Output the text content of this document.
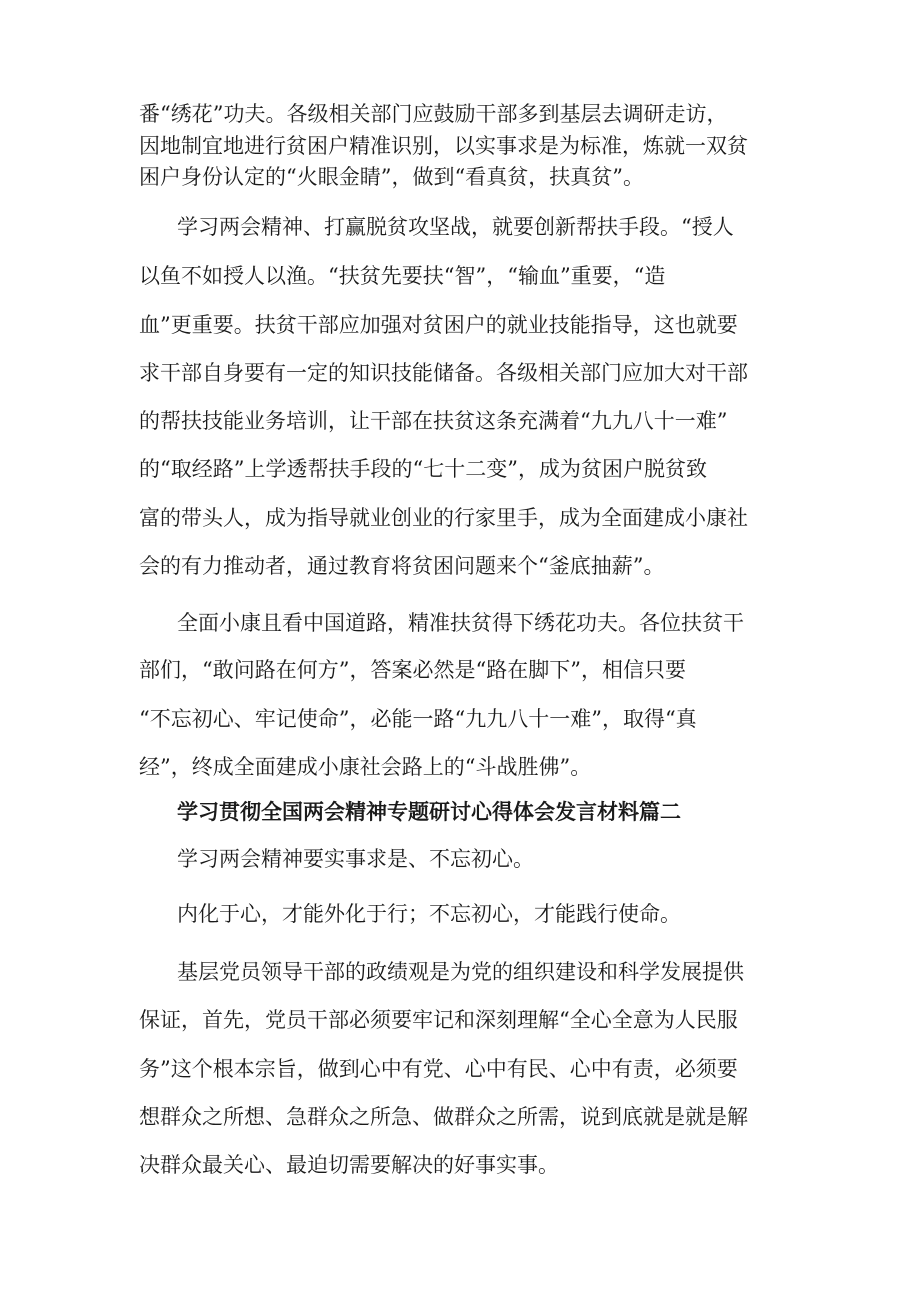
番“绣花”功夫。各级相关部门应鼓励干部多到基层去调研走访，
因地制宜地进行贫困户精准识别，以实事求是为标准，炼就一双贫
困户身份认定的“火眼金睛”，做到“看真贫，扶真贫”。
学习两会精神、打赢脱贫攻坚战，就要创新帮扶手段。“授人
以鱼不如授人以渔。“扶贫先要扶“智”，“输血”重要，“造
血”更重要。扶贫干部应加强对贫困户的就业技能指导，这也就要
求干部自身要有一定的知识技能储备。各级相关部门应加大对干部
的帮扶技能业务培训，让干部在扶贫这条充满着“九九八十一难”
的“取经路”上学透帮扶手段的“七十二变”，成为贫困户脱贫致
富的带头人，成为指导就业创业的行家里手，成为全面建成小康社
会的有力推动者，通过教育将贫困问题来个“釜底抽薪”。
全面小康且看中国道路，精准扶贫得下绣花功夫。各位扶贫干
部们，“敢问路在何方”，答案必然是“路在脚下”，相信只要
“不忘初心、牢记使命”，必能一路“九九八十一难”，取得“真
经”，终成全面建成小康社会路上的“斗战胜佛”。
学习贯彻全国两会精神专题研讨心得体会发言材料篇二
学习两会精神要实事求是、不忘初心。
内化于心，才能外化于行；不忘初心，才能践行使命。
基层党员领导干部的政绩观是为党的组织建设和科学发展提供
保证，首先，党员干部必须要牢记和深刻理解“全心全意为人民服
务”这个根本宗旨，做到心中有党、心中有民、心中有责，必须要
想群众之所想、急群众之所急、做群众之所需，说到底就是就是解
决群众最关心、最迫切需要解决的好事实事。
